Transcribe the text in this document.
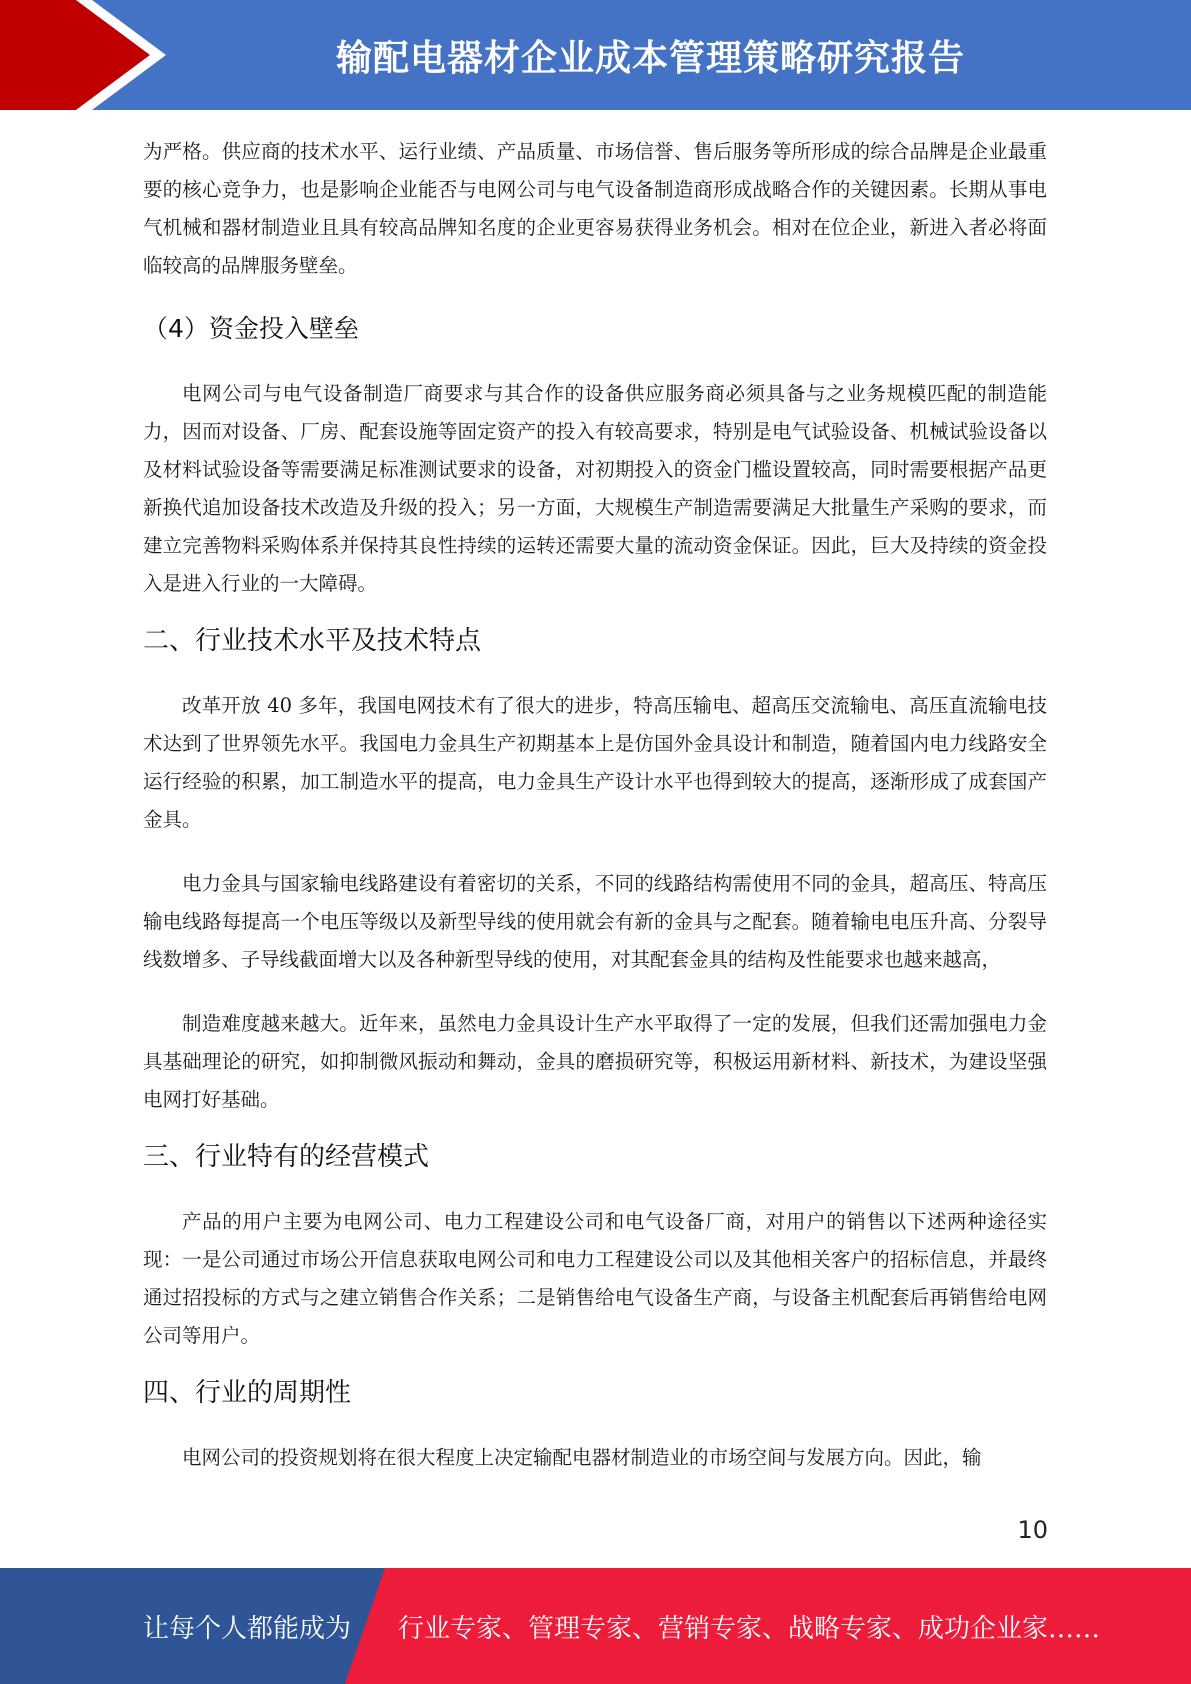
输配电器材企业成本管理策略研究报告

为严格。供应商的技术水平、运行业绩、产品质量、市场信誉、售后服务等所形成的综合品牌是企业最重要的核心竞争力，也是影响企业能否与电网公司与电气设备制造商形成战略合作的关键因素。长期从事电气机械和器材制造业且具有较高品牌知名度的企业更容易获得业务机会。相对在位企业，新进入者必将面临较高的品牌服务壁垒。

（4）资金投入壁垒

电网公司与电气设备制造厂商要求与其合作的设备供应服务商必须具备与之业务规模匹配的制造能力，因而对设备、厂房、配套设施等固定资产的投入有较高要求，特别是电气试验设备、机械试验设备以及材料试验设备等需要满足标准测试要求的设备，对初期投入的资金门槛设置较高，同时需要根据产品更新换代追加设备技术改造及升级的投入；另一方面，大规模生产制造需要满足大批量生产采购的要求，而建立完善物料采购体系并保持其良性持续的运转还需要大量的流动资金保证。因此，巨大及持续的资金投入是进入行业的一大障碍。

二、行业技术水平及技术特点

改革开放 40 多年，我国电网技术有了很大的进步，特高压输电、超高压交流输电、高压直流输电技术达到了世界领先水平。我国电力金具生产初期基本上是仿国外金具设计和制造，随着国内电力线路安全运行经验的积累，加工制造水平的提高，电力金具生产设计水平也得到较大的提高，逐渐形成了成套国产金具。

电力金具与国家输电线路建设有着密切的关系，不同的线路结构需使用不同的金具，超高压、特高压输电线路每提高一个电压等级以及新型导线的使用就会有新的金具与之配套。随着输电电压升高、分裂导线数增多、子导线截面增大以及各种新型导线的使用，对其配套金具的结构及性能要求也越来越高，

制造难度越来越大。近年来，虽然电力金具设计生产水平取得了一定的发展，但我们还需加强电力金具基础理论的研究，如抑制微风振动和舞动，金具的磨损研究等，积极运用新材料、新技术，为建设坚强电网打好基础。

三、行业特有的经营模式

产品的用户主要为电网公司、电力工程建设公司和电气设备厂商，对用户的销售以下述两种途径实现：一是公司通过市场公开信息获取电网公司和电力工程建设公司以及其他相关客户的招标信息，并最终通过招投标的方式与之建立销售合作关系；二是销售给电气设备生产商，与设备主机配套后再销售给电网公司等用户。

四、行业的周期性

电网公司的投资规划将在很大程度上决定输配电器材制造业的市场空间与发展方向。因此，输

10
让每个人都能成为 行业专家、管理专家、营销专家、战略专家、成功企业家……
